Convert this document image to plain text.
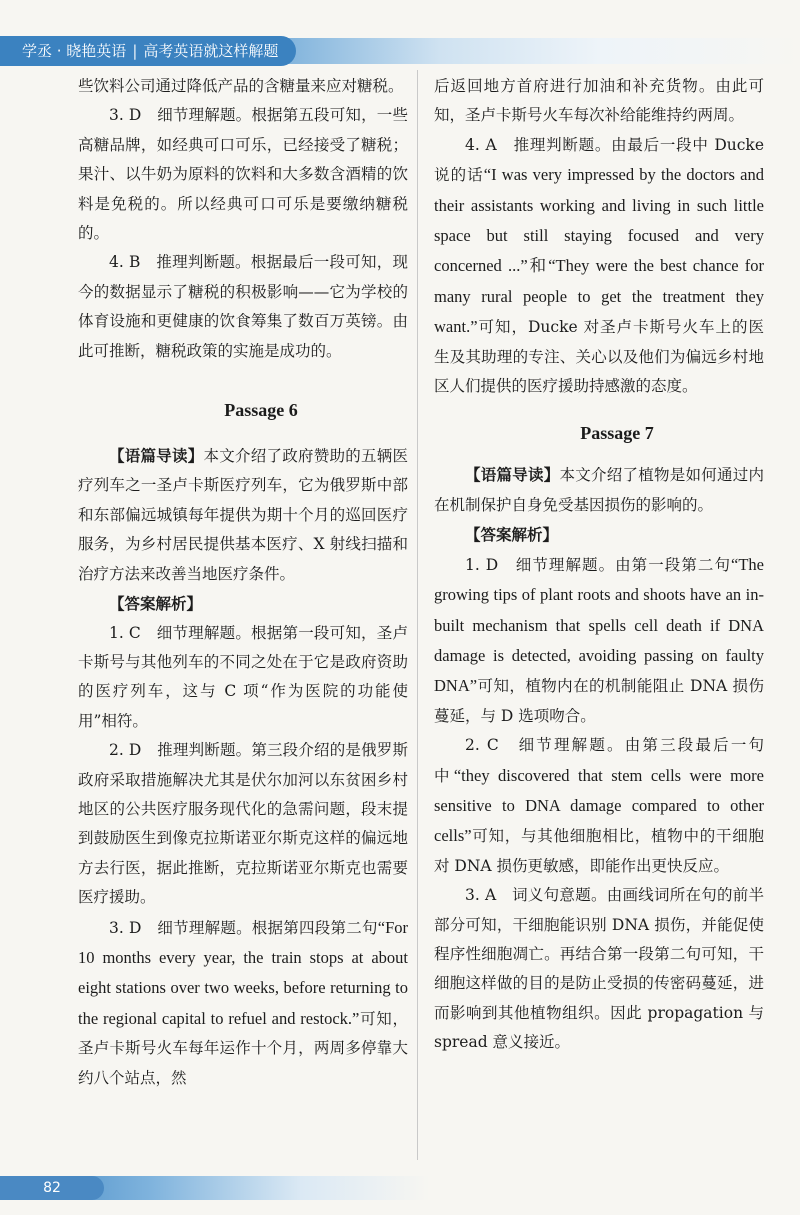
学丞 · 晓艳英语 | 高考英语就这样解题

些饮料公司通过降低产品的含糖量来应对糖税。

3. D　细节理解题。根据第五段可知，一些高糖品牌，如经典可口可乐，已经接受了糖税；果汁、以牛奶为原料的饮料和大多数含酒精的饮料是免税的。所以经典可口可乐是要缴纳糖税的。

4. B　推理判断题。根据最后一段可知，现今的数据显示了糖税的积极影响——它为学校的体育设施和更健康的饮食筹集了数百万英镑。由此可推断，糖税政策的实施是成功的。

Passage 6

【语篇导读】本文介绍了政府赞助的五辆医疗列车之一圣卢卡斯医疗列车，它为俄罗斯中部和东部偏远城镇每年提供为期十个月的巡回医疗服务，为乡村居民提供基本医疗、X 射线扫描和治疗方法来改善当地医疗条件。

【答案解析】

1. C　细节理解题。根据第一段可知，圣卢卡斯号与其他列车的不同之处在于它是政府资助的医疗列车，这与 C 项“作为医院的功能使用”相符。

2. D　推理判断题。第三段介绍的是俄罗斯政府采取措施解决尤其是伏尔加河以东贫困乡村地区的公共医疗服务现代化的急需问题，段末提到鼓励医生到像克拉斯诺亚尔斯克这样的偏远地方去行医，据此推断，克拉斯诺亚尔斯克也需要医疗援助。

3. D　细节理解题。根据第四段第二句“For 10 months every year, the train stops at about eight stations over two weeks, before returning to the regional capital to refuel and restock.”可知，圣卢卡斯号火车每年运作十个月，两周多停靠大约八个站点，然

后返回地方首府进行加油和补充货物。由此可知，圣卢卡斯号火车每次补给能维持约两周。

4. A　推理判断题。由最后一段中 Ducke 说的话“I was very impressed by the doctors and their assistants working and living in such little space but still staying focused and very concerned ...”和“They were the best chance for many rural people to get the treatment they want.”可知，Ducke 对圣卢卡斯号火车上的医生及其助理的专注、关心以及他们为偏远乡村地区人们提供的医疗援助持感激的态度。

Passage 7

【语篇导读】本文介绍了植物是如何通过内在机制保护自身免受基因损伤的影响的。

【答案解析】

1. D　细节理解题。由第一段第二句“The growing tips of plant roots and shoots have an in-built mechanism that spells cell death if DNA damage is detected, avoiding passing on faulty DNA”可知，植物内在的机制能阻止 DNA 损伤蔓延，与 D 选项吻合。

2. C　细节理解题。由第三段最后一句中“they discovered that stem cells were more sensitive to DNA damage compared to other cells”可知，与其他细胞相比，植物中的干细胞对 DNA 损伤更敏感，即能作出更快反应。

3. A　词义句意题。由画线词所在句的前半部分可知，干细胞能识别 DNA 损伤，并能促使程序性细胞凋亡。再结合第一段第二句可知，干细胞这样做的目的是防止受损的传密码蔓延，进而影响到其他植物组织。因此 propagation 与 spread 意义接近。

82
